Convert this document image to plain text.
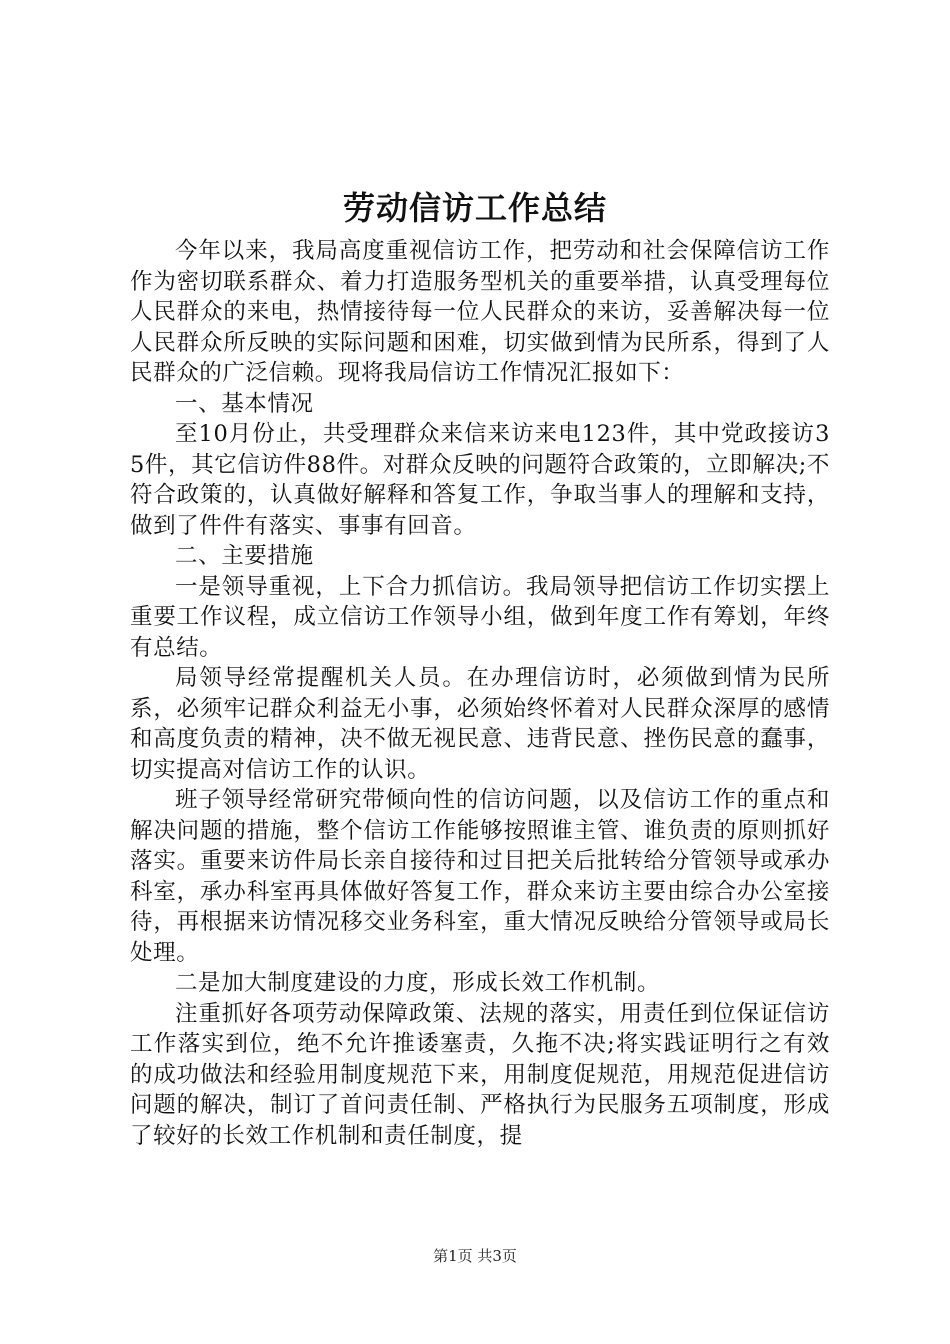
劳动信访工作总结

今年以来，我局高度重视信访工作，把劳动和社会保障信访工作作为密切联系群众、着力打造服务型机关的重要举措，认真受理每位人民群众的来电，热情接待每一位人民群众的来访，妥善解决每一位人民群众所反映的实际问题和困难，切实做到情为民所系，得到了人民群众的广泛信赖。现将我局信访工作情况汇报如下：

一、基本情况

至10月份止，共受理群众来信来访来电123件，其中党政接访35件，其它信访件88件。对群众反映的问题符合政策的，立即解决;不符合政策的，认真做好解释和答复工作，争取当事人的理解和支持，做到了件件有落实、事事有回音。

二、主要措施

一是领导重视，上下合力抓信访。我局领导把信访工作切实摆上重要工作议程，成立信访工作领导小组，做到年度工作有筹划，年终有总结。

局领导经常提醒机关人员。在办理信访时，必须做到情为民所系，必须牢记群众利益无小事，必须始终怀着对人民群众深厚的感情和高度负责的精神，决不做无视民意、违背民意、挫伤民意的蠢事，切实提高对信访工作的认识。

班子领导经常研究带倾向性的信访问题，以及信访工作的重点和解决问题的措施，整个信访工作能够按照谁主管、谁负责的原则抓好落实。重要来访件局长亲自接待和过目把关后批转给分管领导或承办科室，承办科室再具体做好答复工作，群众来访主要由综合办公室接待，再根据来访情况移交业务科室，重大情况反映给分管领导或局长处理。

二是加大制度建设的力度，形成长效工作机制。

注重抓好各项劳动保障政策、法规的落实，用责任到位保证信访工作落实到位，绝不允许推诿塞责，久拖不决;将实践证明行之有效的成功做法和经验用制度规范下来，用制度促规范，用规范促进信访问题的解决，制订了首问责任制、严格执行为民服务五项制度，形成了较好的长效工作机制和责任制度，提

第1页 共3页
